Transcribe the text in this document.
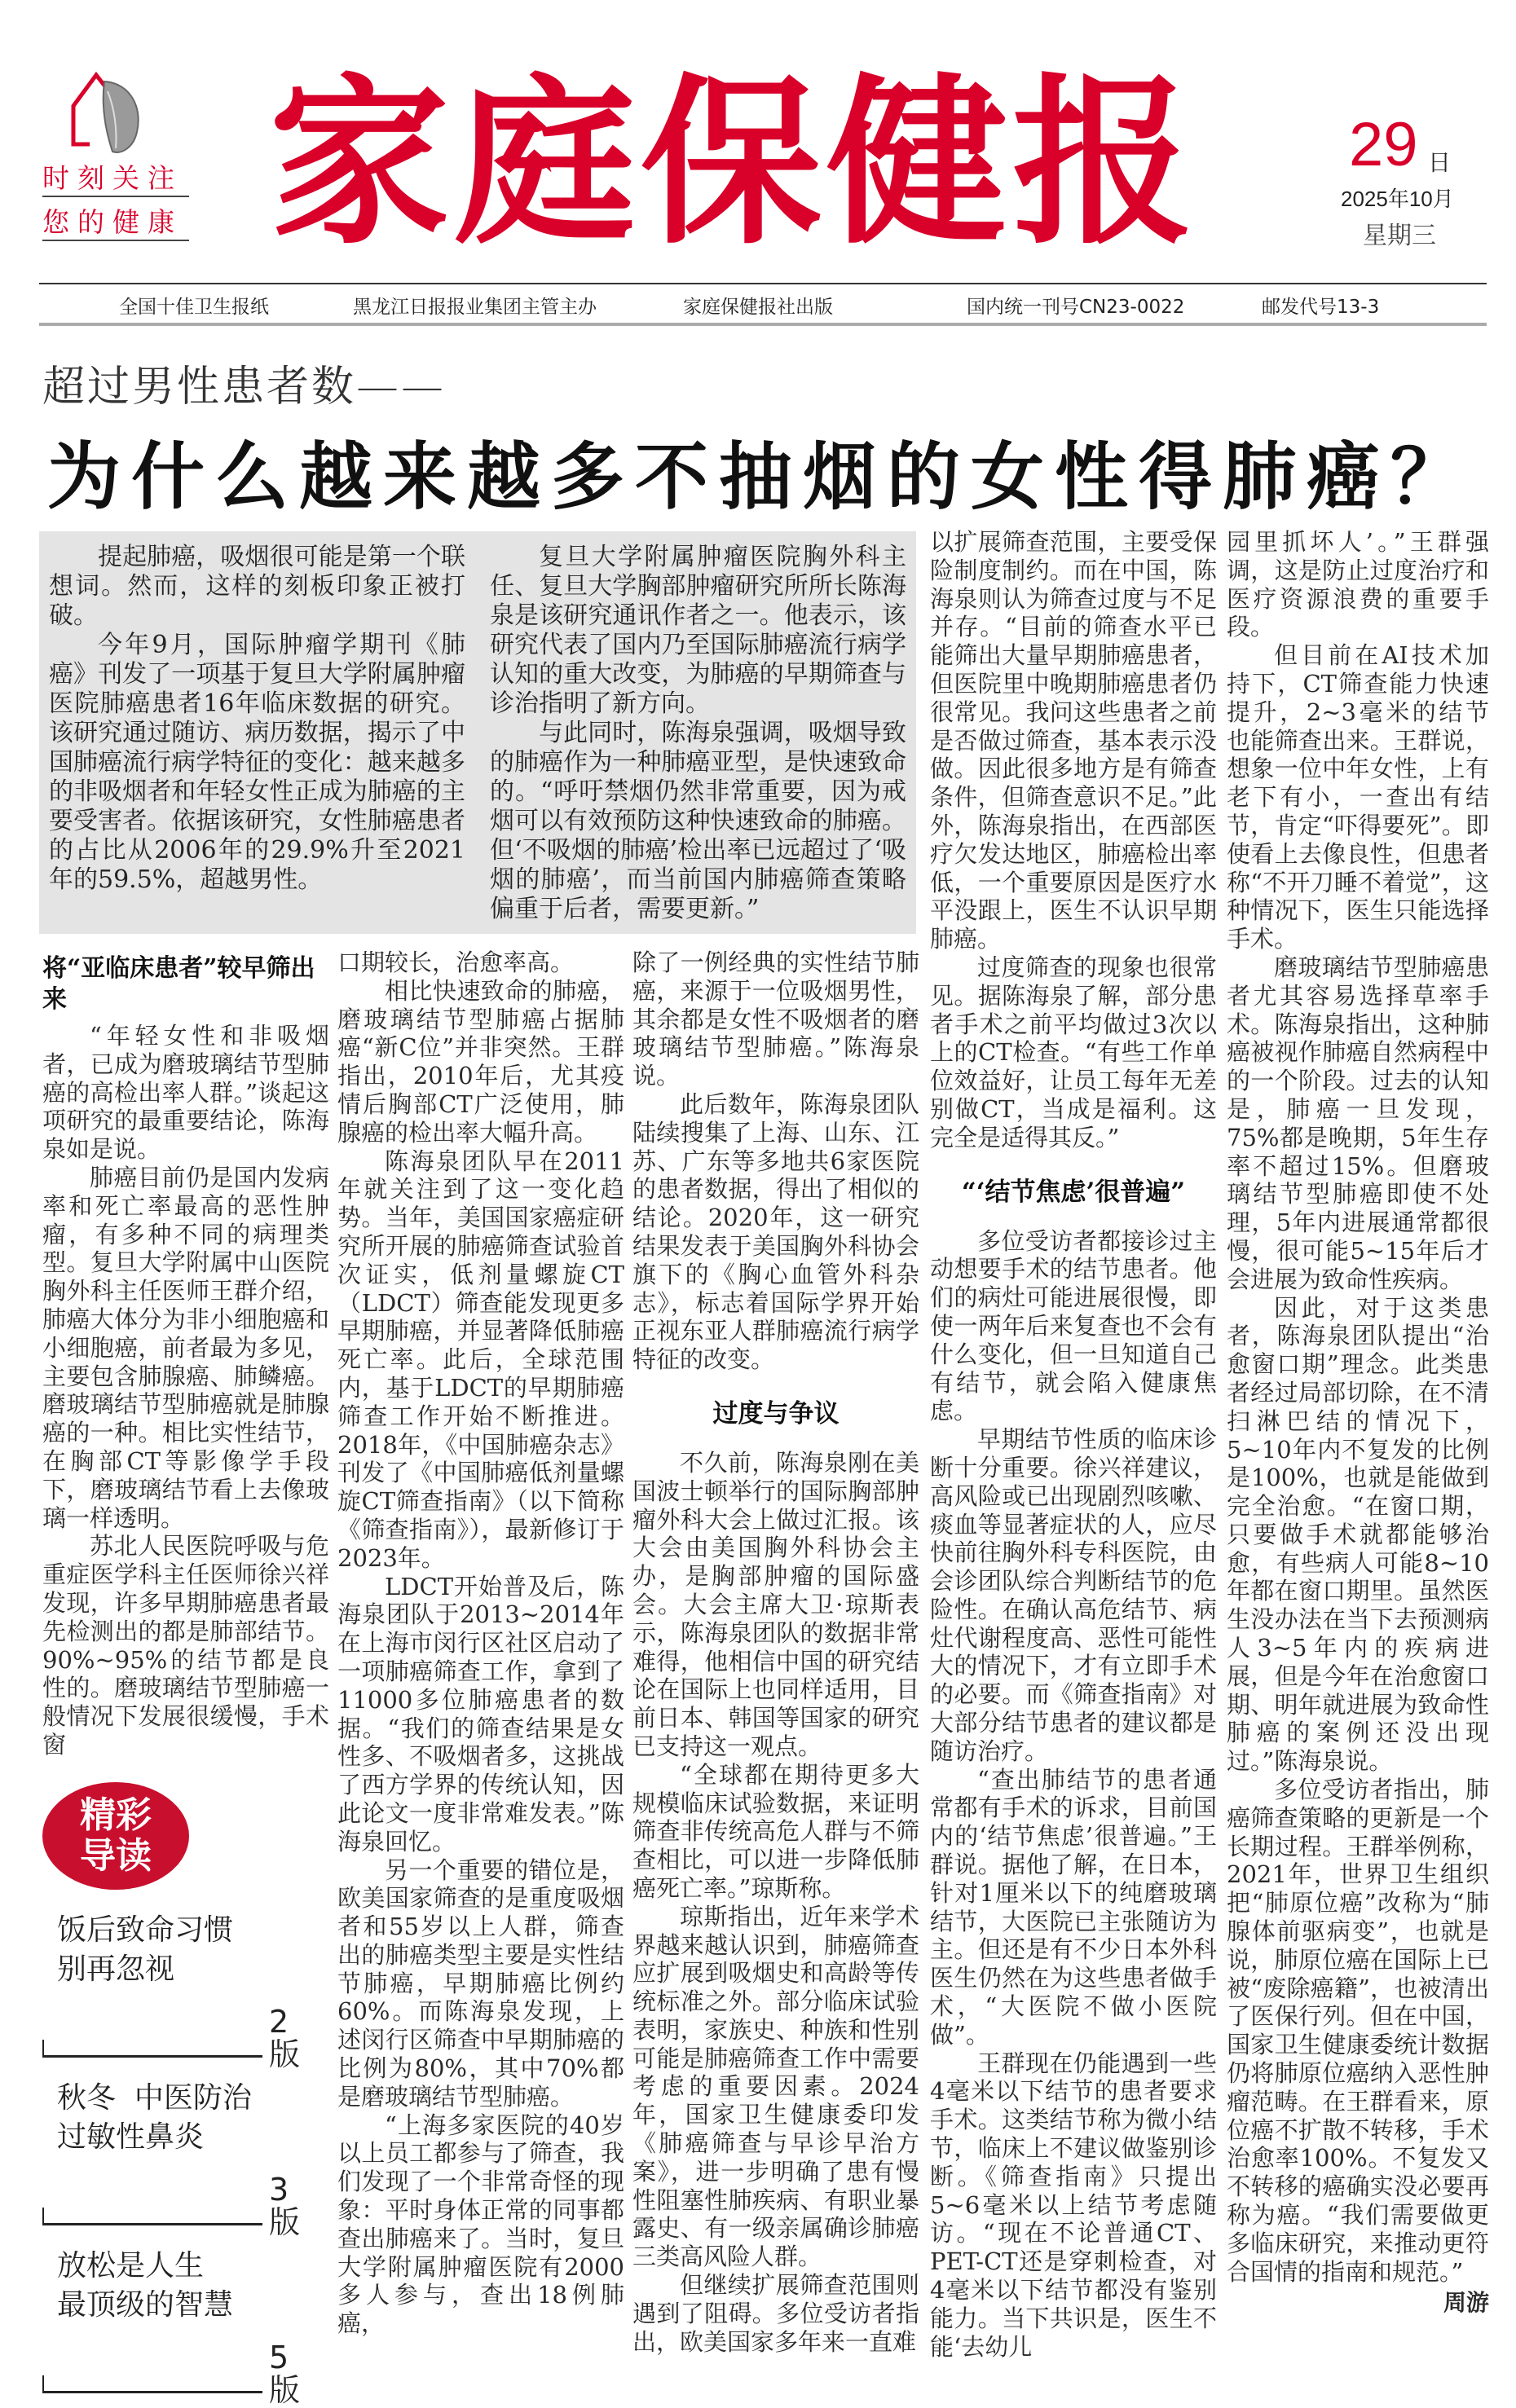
时刻关注
您的健康 家庭保健报 29 日
2025年10月
星期三
全国十佳卫生报纸	黑龙江日报报业集团主管主办	家庭保健报社出版	国内统一刊号CN23-0022	邮发代号13-3
超过男性患者数——
为什么越来越多不抽烟的女性得肺癌？

提起肺癌，吸烟很可能是第一个联想词。然而，这样的刻板印象正被打破。

今年9月，国际肿瘤学期刊《肺癌》刊发了一项基于复旦大学附属肿瘤医院肺癌患者16年临床数据的研究。该研究通过随访、病历数据，揭示了中国肺癌流行病学特征的变化：越来越多的非吸烟者和年轻女性正成为肺癌的主要受害者。依据该研究，女性肺癌患者的占比从2006年的29.9%升至2021年的59.5%，超越男性。

复旦大学附属肿瘤医院胸外科主任、复旦大学胸部肿瘤研究所所长陈海泉是该研究通讯作者之一。他表示，该研究代表了国内乃至国际肺癌流行病学认知的重大改变，为肺癌的早期筛查与诊治指明了新方向。

与此同时，陈海泉强调，吸烟导致的肺癌作为一种肺癌亚型，是快速致命的。“呼吁禁烟仍然非常重要，因为戒烟可以有效预防这种快速致命的肺癌。但‘不吸烟的肺癌’检出率已远超过了‘吸烟的肺癌’，而当前国内肺癌筛查策略偏重于后者，需要更新。”

将“亚临床患者”较早筛出来

“年轻女性和非吸烟者，已成为磨玻璃结节型肺癌的高检出率人群。”谈起这项研究的最重要结论，陈海泉如是说。

肺癌目前仍是国内发病率和死亡率最高的恶性肿瘤，有多种不同的病理类型。复旦大学附属中山医院胸外科主任医师王群介绍，肺癌大体分为非小细胞癌和小细胞癌，前者最为多见，主要包含肺腺癌、肺鳞癌。磨玻璃结节型肺癌就是肺腺癌的一种。相比实性结节，在胸部CT等影像学手段下，磨玻璃结节看上去像玻璃一样透明。

苏北人民医院呼吸与危重症医学科主任医师徐兴祥发现，许多早期肺癌患者最先检测出的都是肺部结节。90%~95%的结节都是良性的。磨玻璃结节型肺癌一般情况下发展很缓慢，手术窗

精彩
导读
饭后致命习惯
别再忽视
2版
秋冬  中医防治
过敏性鼻炎
3版
放松是人生
最顶级的智慧
5版

口期较长，治愈率高。

相比快速致命的肺癌，磨玻璃结节型肺癌占据肺癌“新C位”并非突然。王群指出，2010年后，尤其疫情后胸部CT广泛使用，肺腺癌的检出率大幅升高。

陈海泉团队早在2011年就关注到了这一变化趋势。当年，美国国家癌症研究所开展的肺癌筛查试验首次证实，低剂量螺旋CT（LDCT）筛查能发现更多早期肺癌，并显著降低肺癌死亡率。此后，全球范围内，基于LDCT的早期肺癌筛查工作开始不断推进。2018年，《中国肺癌杂志》刊发了《中国肺癌低剂量螺旋CT筛查指南》（以下简称《筛查指南》），最新修订于2023年。

LDCT开始普及后，陈海泉团队于2013~2014年在上海市闵行区社区启动了一项肺癌筛查工作，拿到了11000多位肺癌患者的数据。“我们的筛查结果是女性多、不吸烟者多，这挑战了西方学界的传统认知，因此论文一度非常难发表。”陈海泉回忆。

另一个重要的错位是，欧美国家筛查的是重度吸烟者和55岁以上人群，筛查出的肺癌类型主要是实性结节肺癌，早期肺癌比例约60%。而陈海泉发现，上述闵行区筛查中早期肺癌的比例为80%，其中70%都是磨玻璃结节型肺癌。

“上海多家医院的40岁以上员工都参与了筛查，我们发现了一个非常奇怪的现象：平时身体正常的同事都查出肺癌来了。当时，复旦大学附属肿瘤医院有2000多人参与，查出18例肺癌，

除了一例经典的实性结节肺癌，来源于一位吸烟男性，其余都是女性不吸烟者的磨玻璃结节型肺癌。”陈海泉说。

此后数年，陈海泉团队陆续搜集了上海、山东、江苏、广东等多地共6家医院的患者数据，得出了相似的结论。2020年，这一研究结果发表于美国胸外科协会旗下的《胸心血管外科杂志》，标志着国际学界开始正视东亚人群肺癌流行病学特征的改变。

过度与争议

不久前，陈海泉刚在美国波士顿举行的国际胸部肿瘤外科大会上做过汇报。该大会由美国胸外科协会主办，是胸部肿瘤的国际盛会。大会主席大卫·琼斯表示，陈海泉团队的数据非常难得，他相信中国的研究结论在国际上也同样适用，目前日本、韩国等国家的研究已支持这一观点。

“全球都在期待更多大规模临床试验数据，来证明筛查非传统高危人群与不筛查相比，可以进一步降低肺癌死亡率。”琼斯称。

琼斯指出，近年来学术界越来越认识到，肺癌筛查应扩展到吸烟史和高龄等传统标准之外。部分临床试验表明，家族史、种族和性别可能是肺癌筛查工作中需要考虑的重要因素。2024年，国家卫生健康委印发《肺癌筛查与早诊早治方案》，进一步明确了患有慢性阻塞性肺疾病、有职业暴露史、有一级亲属确诊肺癌三类高风险人群。

但继续扩展筛查范围则遇到了阻碍。多位受访者指出，欧美国家多年来一直难

以扩展筛查范围，主要受保险制度制约。而在中国，陈海泉则认为筛查过度与不足并存。“目前的筛查水平已能筛出大量早期肺癌患者，但医院里中晚期肺癌患者仍很常见。我问这些患者之前是否做过筛查，基本表示没做。因此很多地方是有筛查条件，但筛查意识不足。”此外，陈海泉指出，在西部医疗欠发达地区，肺癌检出率低，一个重要原因是医疗水平没跟上，医生不认识早期肺癌。

过度筛查的现象也很常见。据陈海泉了解，部分患者手术之前平均做过3次以上的CT检查。“有些工作单位效益好，让员工每年无差别做CT，当成是福利。这完全是适得其反。”

“‘结节焦虑’很普遍”

多位受访者都接诊过主动想要手术的结节患者。他们的病灶可能进展很慢，即使一两年后来复查也不会有什么变化，但一旦知道自己有结节，就会陷入健康焦虑。

早期结节性质的临床诊断十分重要。徐兴祥建议，高风险或已出现剧烈咳嗽、痰血等显著症状的人，应尽快前往胸外科专科医院，由会诊团队综合判断结节的危险性。在确认高危结节、病灶代谢程度高、恶性可能性大的情况下，才有立即手术的必要。而《筛查指南》对大部分结节患者的建议都是随访治疗。

“查出肺结节的患者通常都有手术的诉求，目前国内的‘结节焦虑’很普遍。”王群说。据他了解，在日本，针对1厘米以下的纯磨玻璃结节，大医院已主张随访为主。但还是有不少日本外科医生仍然在为这些患者做手术，“大医院不做小医院做”。

王群现在仍能遇到一些4毫米以下结节的患者要求手术。这类结节称为微小结节，临床上不建议做鉴别诊断。《筛查指南》只提出5~6毫米以上结节考虑随访。“现在不论普通CT、PET-CT还是穿刺检查，对4毫米以下结节都没有鉴别能力。当下共识是，医生不能‘去幼儿

园里抓坏人’。”王群强调，这是防止过度治疗和医疗资源浪费的重要手段。

但目前在AI技术加持下，CT筛查能力快速提升，2~3毫米的结节也能筛查出来。王群说，想象一位中年女性，上有老下有小，一查出有结节，肯定“吓得要死”。即使看上去像良性，但患者称“不开刀睡不着觉”，这种情况下，医生只能选择手术。

磨玻璃结节型肺癌患者尤其容易选择草率手术。陈海泉指出，这种肺癌被视作肺癌自然病程中的一个阶段。过去的认知是，肺癌一旦发现，75%都是晚期，5年生存率不超过15%。但磨玻璃结节型肺癌即使不处理，5年内进展通常都很慢，很可能5~15年后才会进展为致命性疾病。

因此，对于这类患者，陈海泉团队提出“治愈窗口期”理念。此类患者经过局部切除，在不清扫淋巴结的情况下，5~10年内不复发的比例是100%，也就是能做到完全治愈。“在窗口期，只要做手术就都能够治愈，有些病人可能8~10年都在窗口期里。虽然医生没办法在当下去预测病人3~5年内的疾病进展，但是今年在治愈窗口期、明年就进展为致命性肺癌的案例还没出现过。”陈海泉说。

多位受访者指出，肺癌筛查策略的更新是一个长期过程。王群举例称，2021年，世界卫生组织把“肺原位癌”改称为“肺腺体前驱病变”，也就是说，肺原位癌在国际上已被“废除癌籍”，也被清出了医保行列。但在中国，国家卫生健康委统计数据仍将肺原位癌纳入恶性肿瘤范畴。在王群看来，原位癌不扩散不转移，手术治愈率100%。不复发又不转移的癌确实没必要再称为癌。“我们需要做更多临床研究，来推动更符合国情的指南和规范。”

周游
